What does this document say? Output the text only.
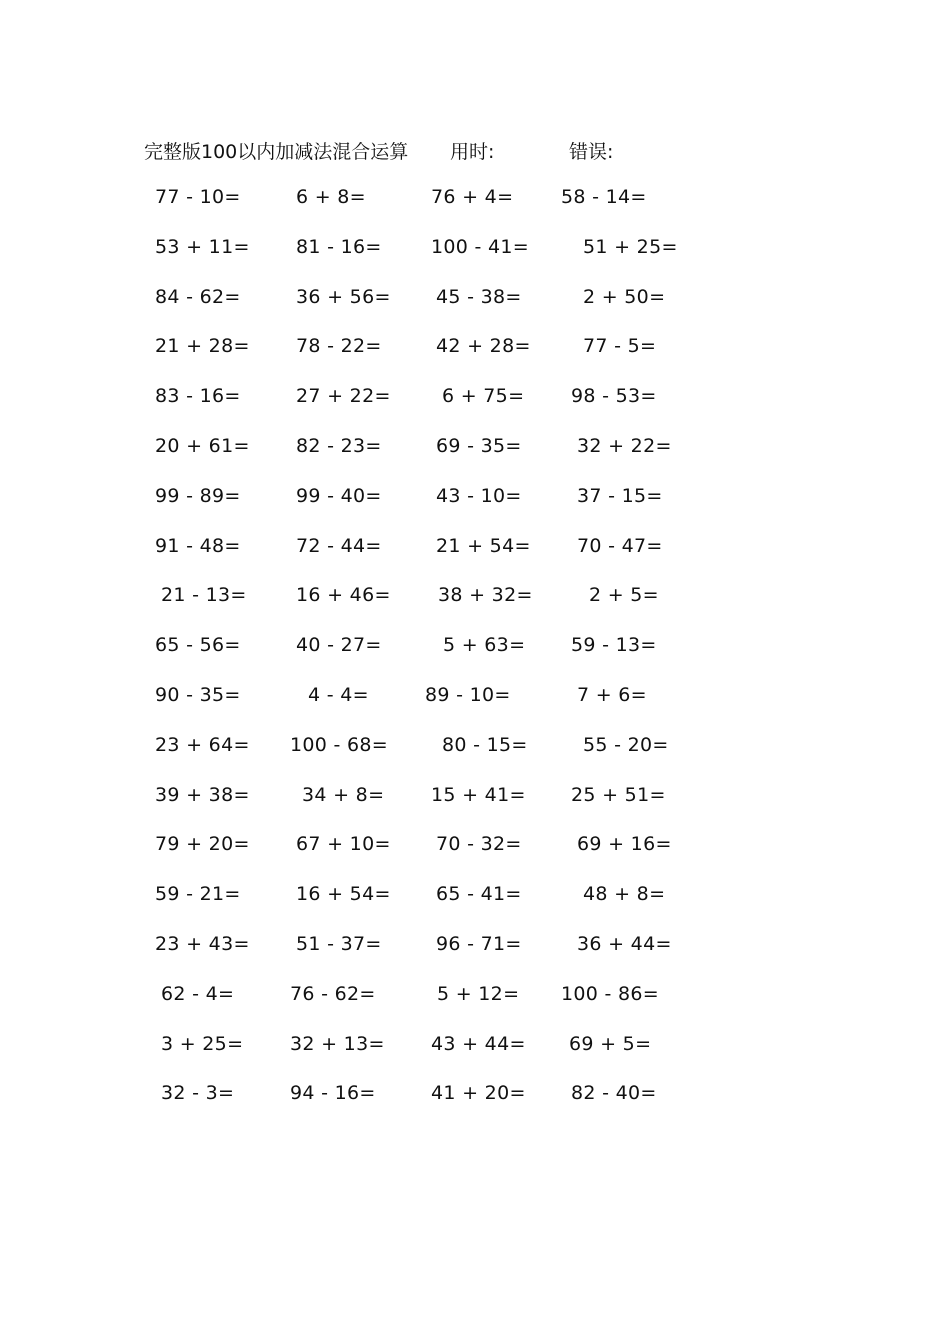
完整版100以内加减法混合运算 用时:	错误:
77 - 10=	6 + 8=	76 + 4=	58 - 14=
53 + 11= 81 - 16=	100 - 41=	51 + 25=
84 - 62=	36 + 56= 45 - 38=	2 + 50=
21 + 28= 78 - 22=	42 + 28=	77 - 5=
83 - 16=	27 + 22=	6 + 75= 98 - 53=
20 + 61= 82 - 23=	69 - 35=	32 + 22=
99 - 89=	99 - 40=	43 - 10=	37 - 15=
91 - 48=	72 - 44=	21 + 54= 70 - 47=
21 - 13=	16 + 46= 38 + 32=	2 + 5=
65 - 56=	40 - 27=	5 + 63= 59 - 13=
90 - 35=	4 - 4=	89 - 10=	7 + 6=
23 + 64= 100 - 68=	80 - 15=	55 - 20=
39 + 38=	34 + 8= 15 + 41= 25 + 51=
79 + 20= 67 + 10= 70 - 32=	69 + 16=
59 - 21=	16 + 54= 65 - 41=	48 + 8=
23 + 43= 51 - 37=	96 - 71=	36 + 44=
62 - 4=	76 - 62=	5 + 12= 100 - 86=
3 + 25= 32 + 13= 43 + 44= 69 + 5=
32 - 3=	94 - 16=	41 + 20= 82 - 40=
